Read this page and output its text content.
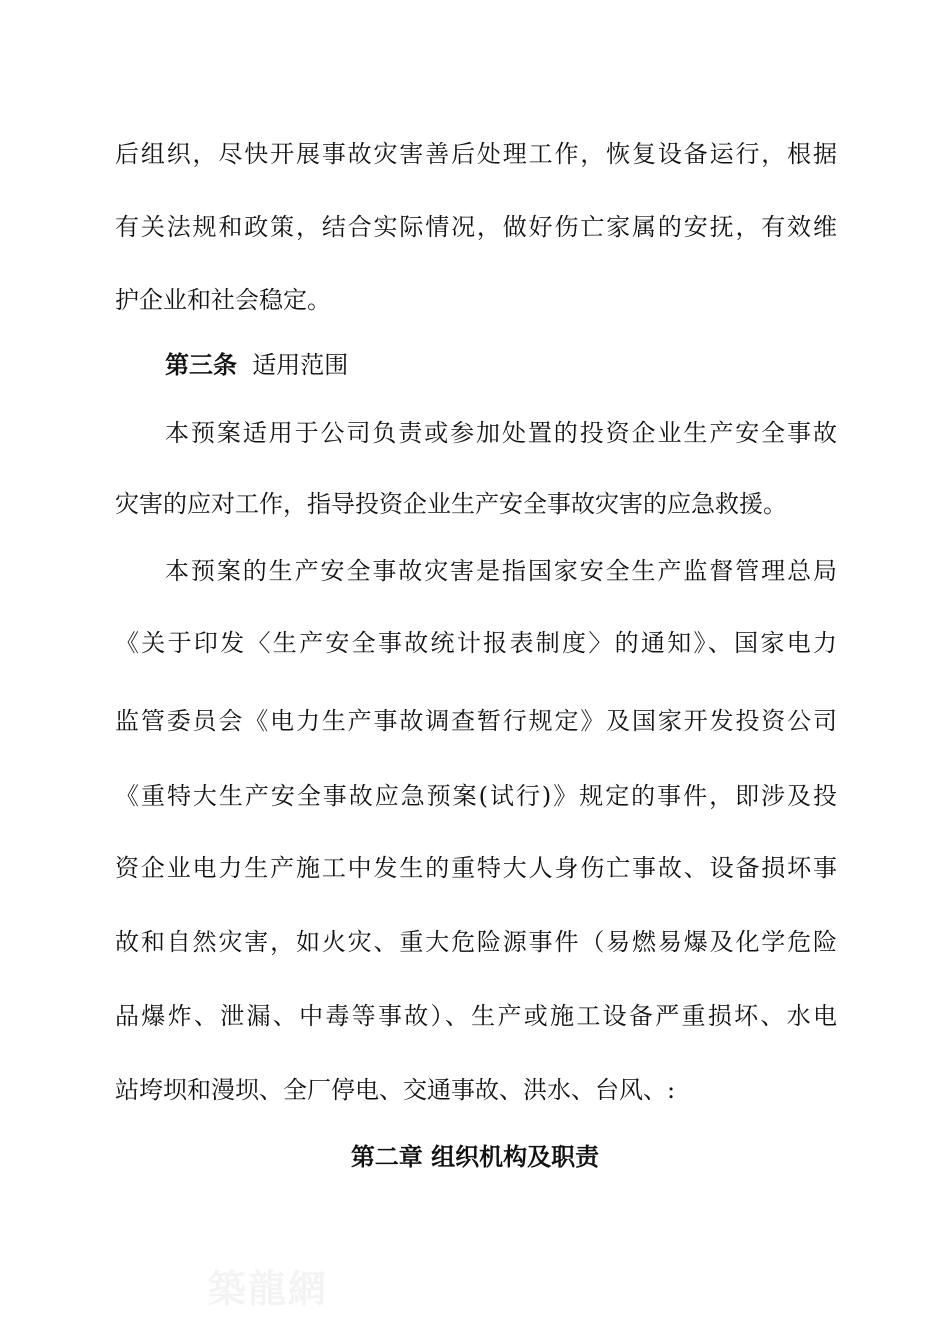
后组织，尽快开展事故灾害善后处理工作，恢复设备运行，根据
有关法规和政策，结合实际情况，做好伤亡家属的安抚，有效维
护企业和社会稳定。
第三条 适用范围
本预案适用于公司负责或参加处置的投资企业生产安全事故
灾害的应对工作，指导投资企业生产安全事故灾害的应急救援。
本预案的生产安全事故灾害是指国家安全生产监督管理总局
《关于印发〈生产安全事故统计报表制度〉的通知》、国家电力
监管委员会《电力生产事故调查暂行规定》及国家开发投资公司
《重特大生产安全事故应急预案(试行)》规定的事件，即涉及投
资企业电力生产施工中发生的重特大人身伤亡事故、设备损坏事
故和自然灾害，如火灾、重大危险源事件（易燃易爆及化学危险
品爆炸、泄漏、中毒等事故）、生产或施工设备严重损坏、水电
站垮坝和漫坝、全厂停电、交通事故、洪水、台风、:
第二章 组织机构及职责
築龍網
